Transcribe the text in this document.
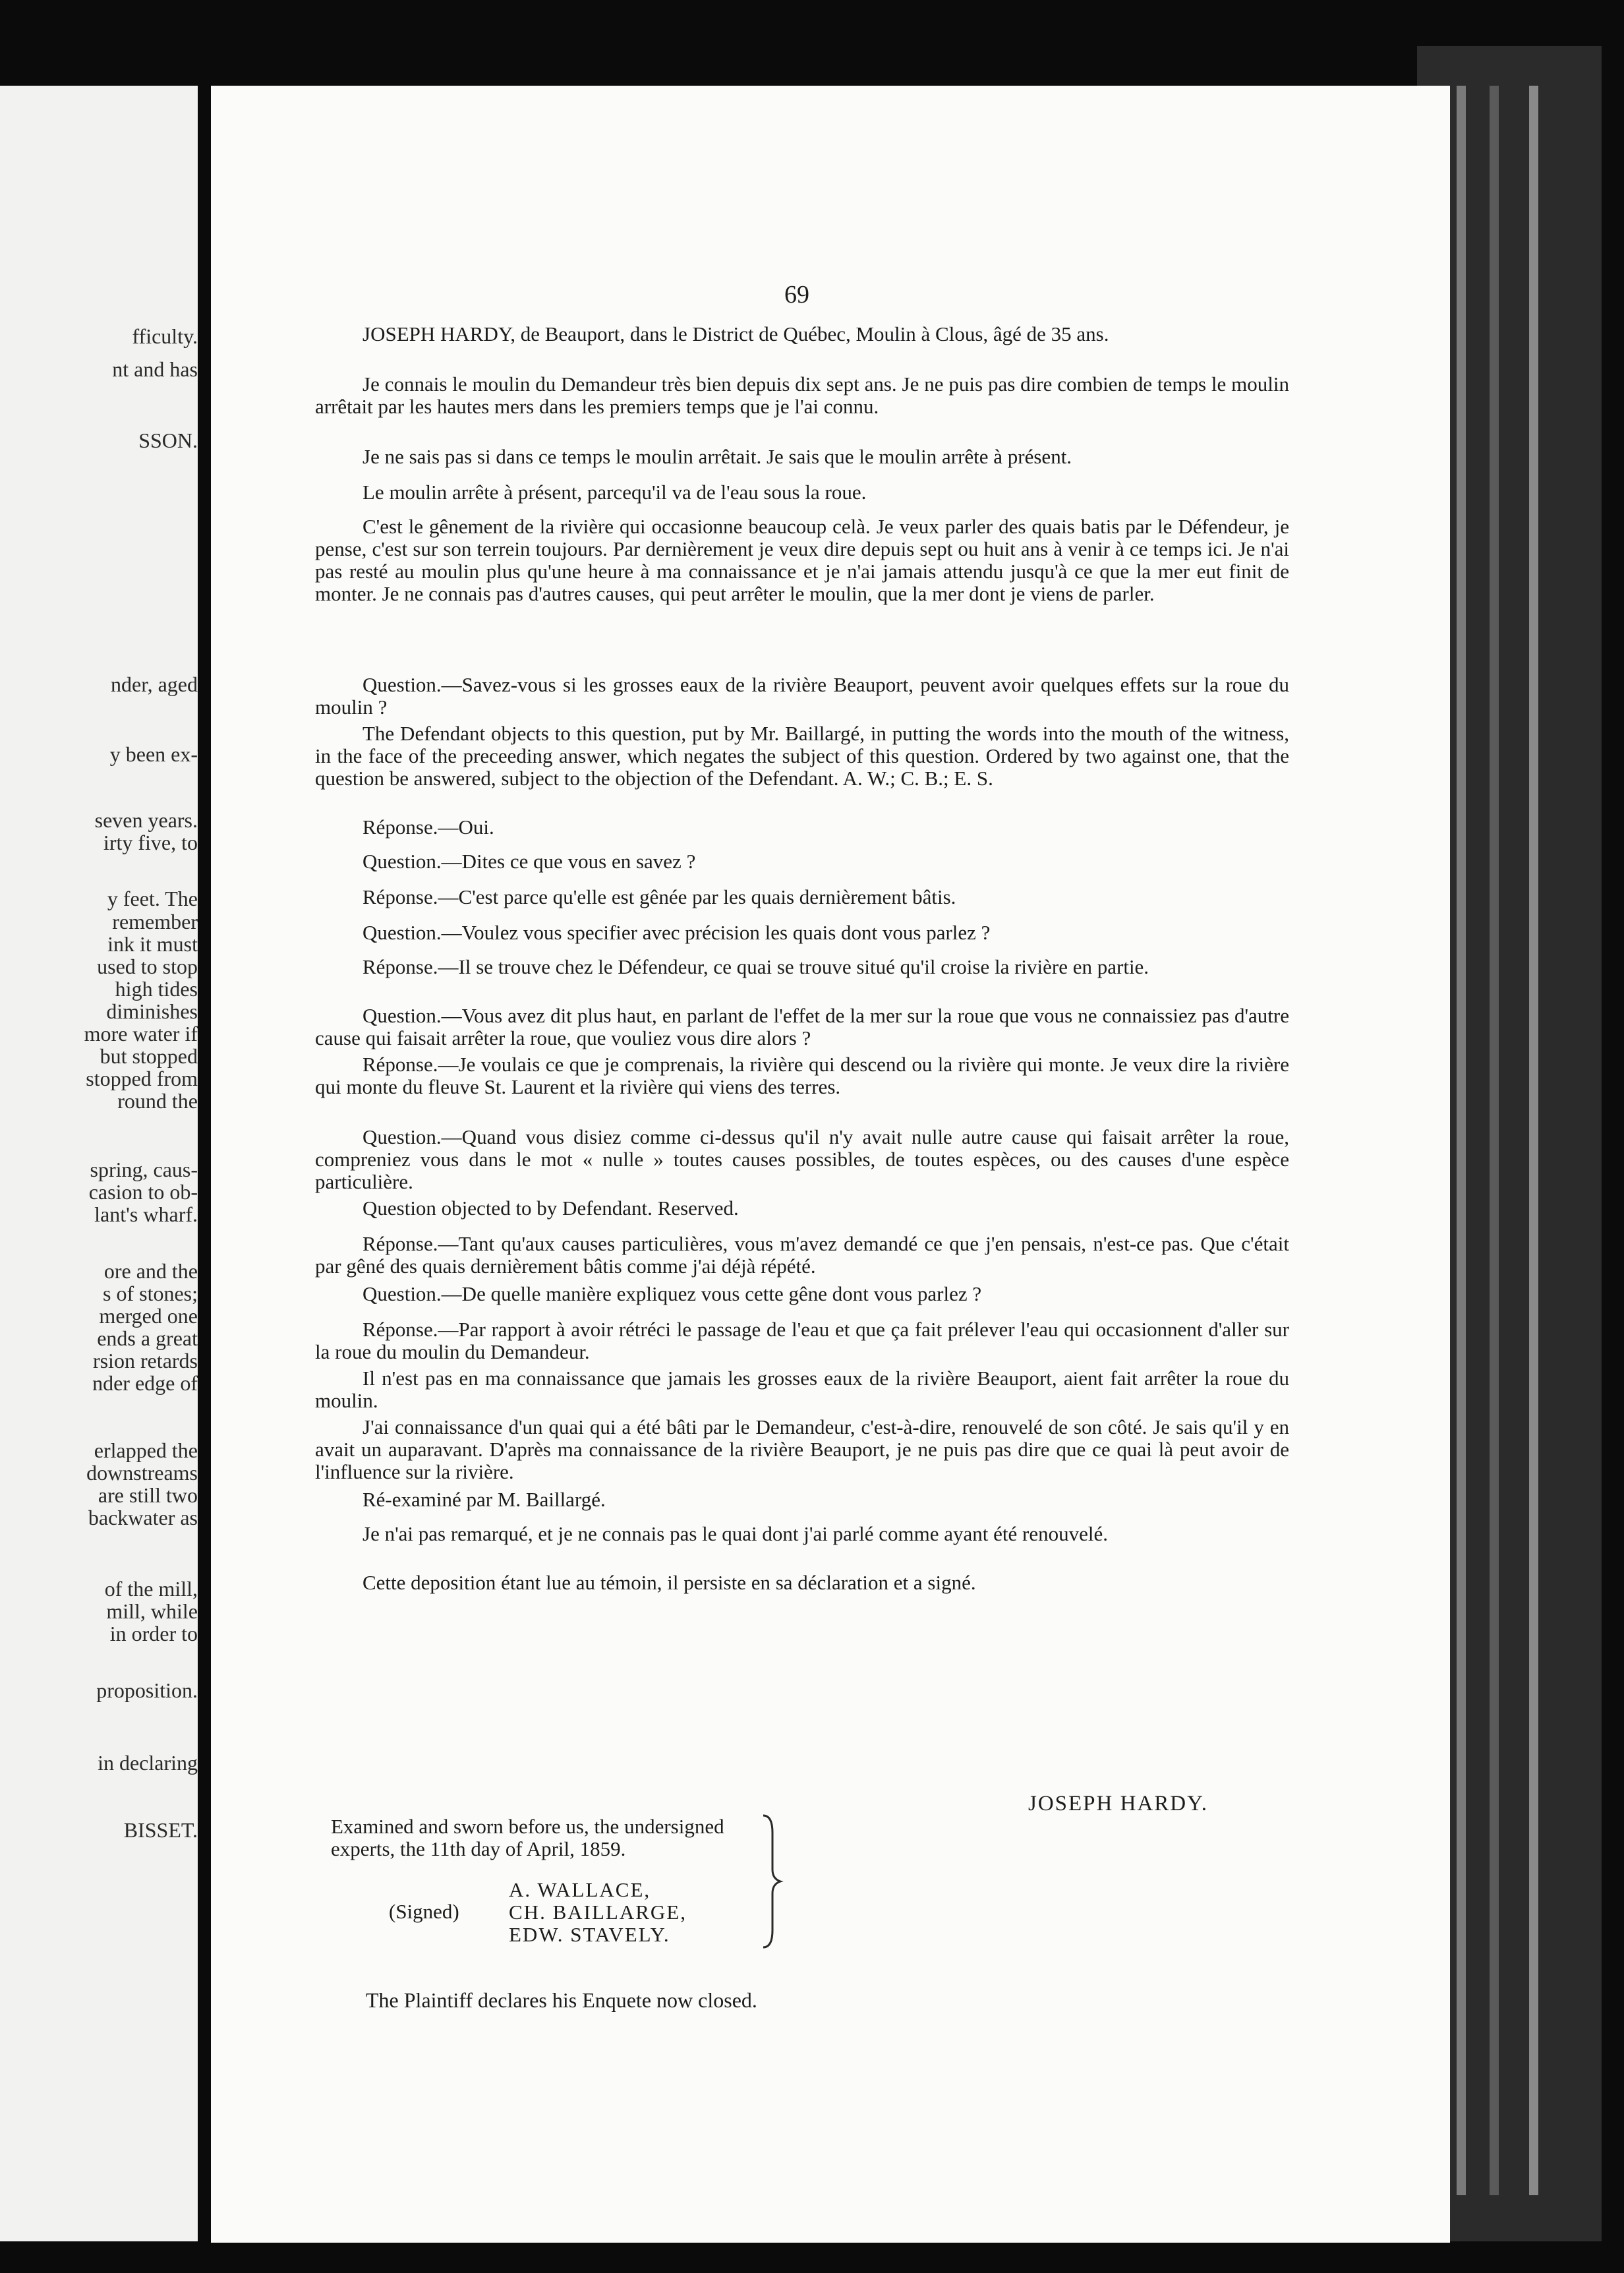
fficulty.
nt and has
SSON.
nder, aged
y been ex-
seven years.
irty five, to
y feet. The
remember
ink it must
used to stop
high tides
diminishes
more water if
but stopped
stopped from
round the
spring, caus-
casion to ob-
lant's wharf.
ore and the
s of stones;
merged one
ends a great
rsion retards
nder edge of
erlapped the
downstreams
are still two
backwater as
of the mill,
mill, while
in order to
proposition.
in declaring
BISSET.
69
JOSEPH HARDY, de Beauport, dans le District de Québec, Moulin à Clous, âgé de 35 ans.
Je connais le moulin du Demandeur très bien depuis dix sept ans. Je ne puis pas dire combien de temps le moulin arrêtait par les hautes mers dans les premiers temps que je l'ai connu.
Je ne sais pas si dans ce temps le moulin arrêtait. Je sais que le moulin arrête à présent.
Le moulin arrête à présent, parcequ'il va de l'eau sous la roue.
C'est le gênement de la rivière qui occasionne beaucoup celà. Je veux parler des quais batis par le Défendeur, je pense, c'est sur son terrein toujours. Par dernièrement je veux dire depuis sept ou huit ans à venir à ce temps ici. Je n'ai pas resté au moulin plus qu'une heure à ma connaissance et je n'ai jamais attendu jusqu'à ce que la mer eut finit de monter. Je ne connais pas d'autres causes, qui peut arrêter le moulin, que la mer dont je viens de parler.
Question.—Savez-vous si les grosses eaux de la rivière Beauport, peuvent avoir quelques effets sur la roue du moulin ?
The Defendant objects to this question, put by Mr. Baillargé, in putting the words into the mouth of the witness, in the face of the preceeding answer, which negates the subject of this question. Ordered by two against one, that the question be answered, subject to the objection of the Defendant. A. W.; C. B.; E. S.
Réponse.—Oui.
Question.—Dites ce que vous en savez ?
Réponse.—C'est parce qu'elle est gênée par les quais dernièrement bâtis.
Question.—Voulez vous specifier avec précision les quais dont vous parlez ?
Réponse.—Il se trouve chez le Défendeur, ce quai se trouve situé qu'il croise la rivière en partie.
Question.—Vous avez dit plus haut, en parlant de l'effet de la mer sur la roue que vous ne connaissiez pas d'autre cause qui faisait arrêter la roue, que vouliez vous dire alors ?
Réponse.—Je voulais ce que je comprenais, la rivière qui descend ou la rivière qui monte. Je veux dire la rivière qui monte du fleuve St. Laurent et la rivière qui viens des terres.
Question.—Quand vous disiez comme ci-dessus qu'il n'y avait nulle autre cause qui faisait arrêter la roue, compreniez vous dans le mot « nulle » toutes causes possibles, de toutes espèces, ou des causes d'une espèce particulière.
Question objected to by Defendant. Reserved.
Réponse.—Tant qu'aux causes particulières, vous m'avez demandé ce que j'en pensais, n'est-ce pas. Que c'était par gêné des quais dernièrement bâtis comme j'ai déjà répété.
Question.—De quelle manière expliquez vous cette gêne dont vous parlez ?
Réponse.—Par rapport à avoir rétréci le passage de l'eau et que ça fait prélever l'eau qui occasionnent d'aller sur la roue du moulin du Demandeur.
Il n'est pas en ma connaissance que jamais les grosses eaux de la rivière Beauport, aient fait arrêter la roue du moulin.
J'ai connaissance d'un quai qui a été bâti par le Demandeur, c'est-à-dire, renouvelé de son côté. Je sais qu'il y en avait un auparavant. D'après ma connaissance de la rivière Beauport, je ne puis pas dire que ce quai là peut avoir de l'influence sur la rivière.
Ré-examiné par M. Baillargé.
Je n'ai pas remarqué, et je ne connais pas le quai dont j'ai parlé comme ayant été renouvelé.
Cette deposition étant lue au témoin, il persiste en sa déclaration et a signé.
JOSEPH HARDY.
Examined and sworn before us, the undersigned experts, the 11th day of April, 1859.
A. WALLACE,
(Signed) CH. BAILLARGE,
EDW. STAVELY.
The Plaintiff declares his Enquete now closed.
